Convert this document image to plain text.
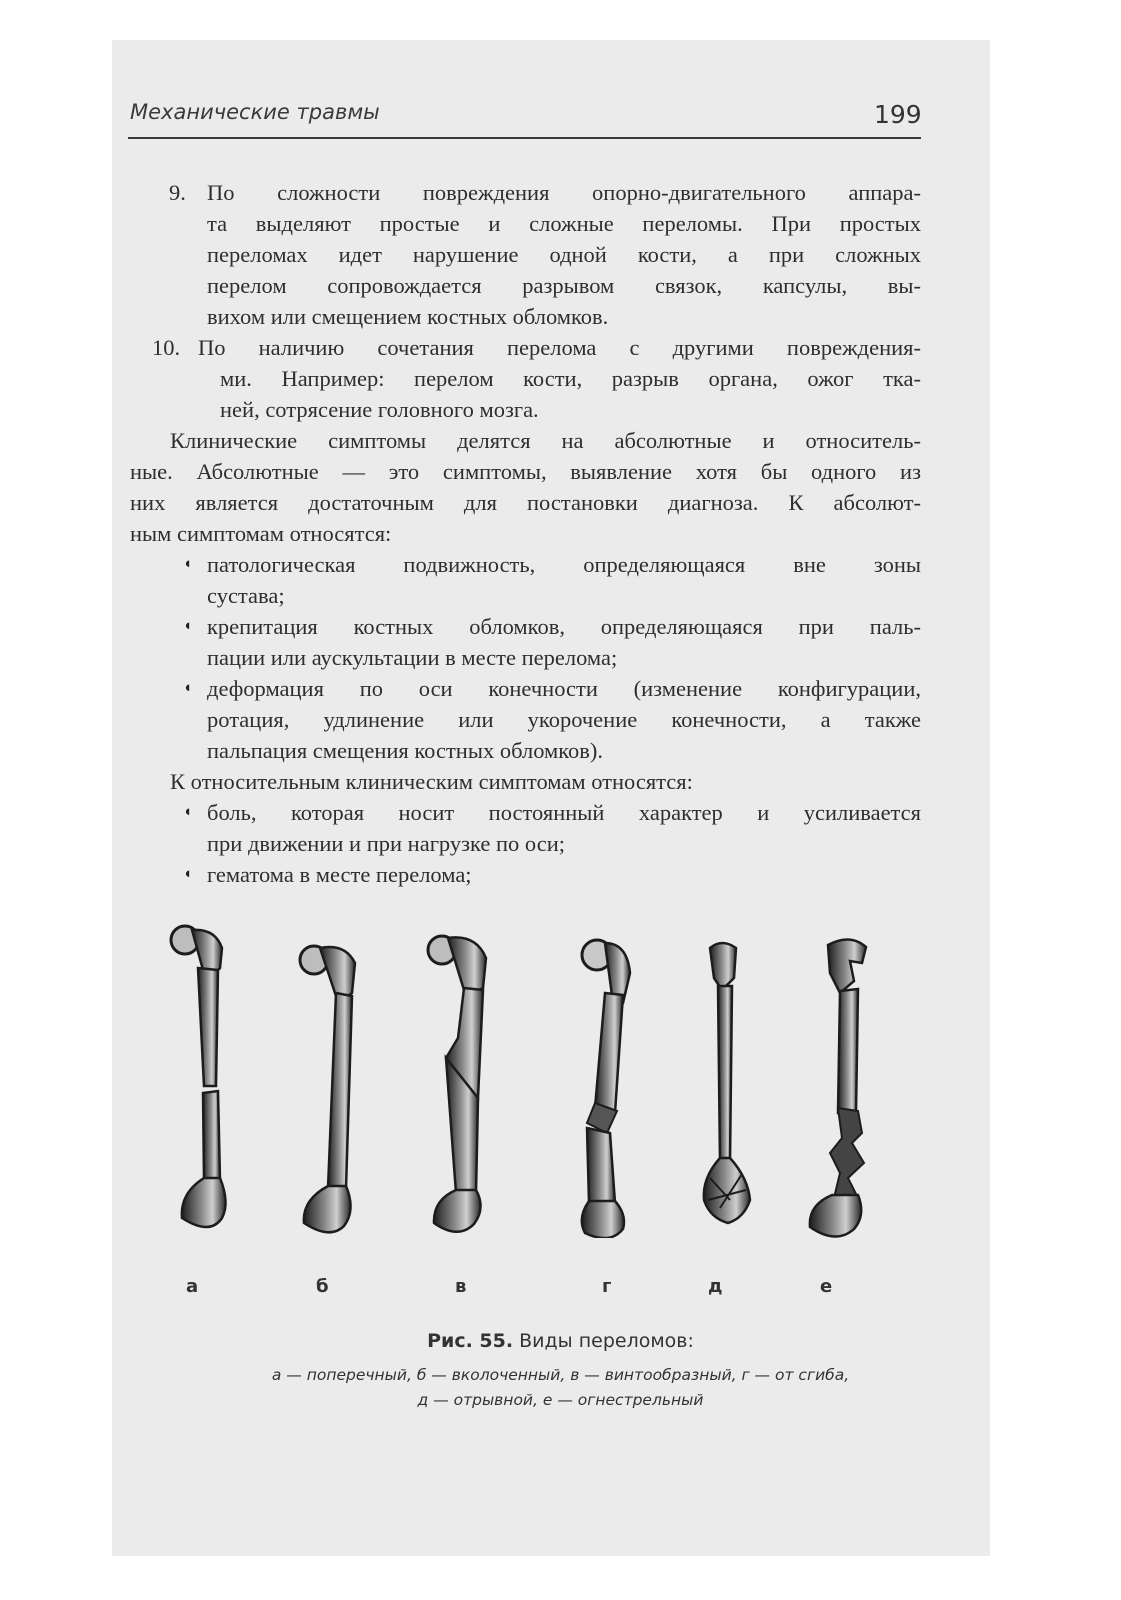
Механические травмы	199
9. По сложности повреждения опорно-двигательного аппара-
та выделяют простые и сложные переломы. При простых
переломах идет нарушение одной кости, а при сложных
перелом сопровождается разрывом связок, капсулы, вы-
вихом или смещением костных обломков.
10. По наличию сочетания перелома с другими повреждения-
ми. Например: перелом кости, разрыв органа, ожог тка-
ней, сотрясение головного мозга.
Клинические симптомы делятся на абсолютные и относитель-
ные. Абсолютные — это симптомы, выявление хотя бы одного из
них является достаточным для постановки диагноза. К абсолют-
ным симптомам относятся:
◖ патологическая подвижность, определяющаяся вне зоны
сустава;
◖ крепитация костных обломков, определяющаяся при паль-
пации или аускультации в месте перелома;
◖ деформация по оси конечности (изменение конфигурации,
ротация, удлинение или укорочение конечности, а также
пальпация смещения костных обломков).
К относительным клиническим симптомам относятся:
◖ боль, которая носит постоянный характер и усиливается
при движении и при нагрузке по оси;
◖ гематома в месте перелома;
а	б	в	г	д	е
Рис. 55. Виды переломов:
а — поперечный, б — вколоченный, в — винтообразный, г — от сгиба,
д — отрывной, е — огнестрельный
